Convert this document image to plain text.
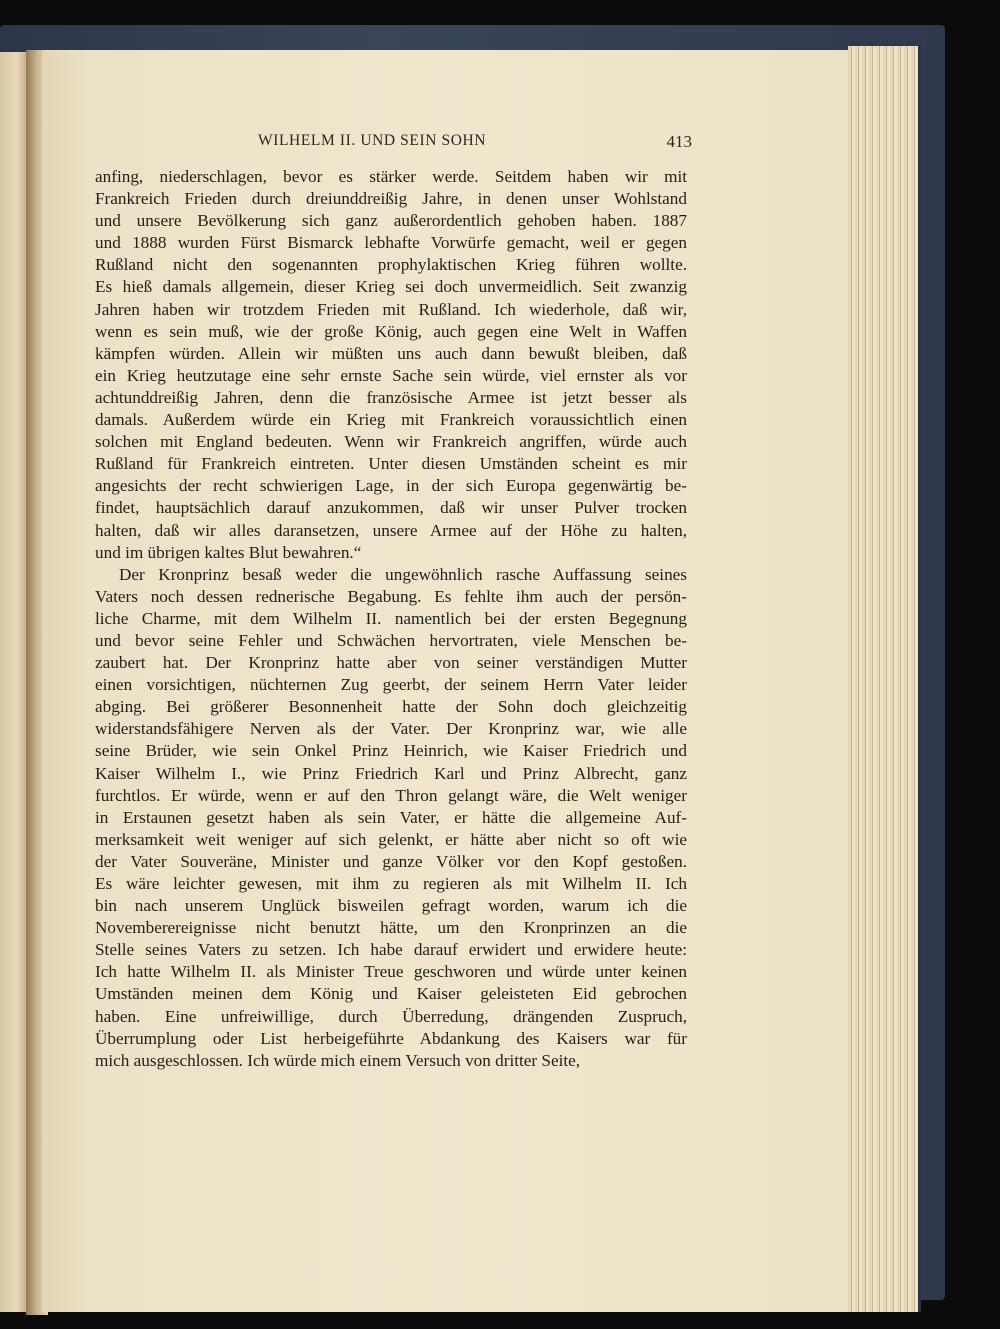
WILHELM II. UND SEIN SOHN	413
anfing, niederschlagen, bevor es stärker werde. Seitdem haben wir mit
Frankreich Frieden durch dreiunddreißig Jahre, in denen unser Wohlstand
und unsere Bevölkerung sich ganz außerordentlich gehoben haben. 1887
und 1888 wurden Fürst Bismarck lebhafte Vorwürfe gemacht, weil er gegen
Rußland nicht den sogenannten prophylaktischen Krieg führen wollte.
Es hieß damals allgemein, dieser Krieg sei doch unvermeidlich. Seit zwanzig
Jahren haben wir trotzdem Frieden mit Rußland. Ich wiederhole, daß wir,
wenn es sein muß, wie der große König, auch gegen eine Welt in Waffen
kämpfen würden. Allein wir müßten uns auch dann bewußt bleiben, daß
ein Krieg heutzutage eine sehr ernste Sache sein würde, viel ernster als vor
achtunddreißig Jahren, denn die französische Armee ist jetzt besser als
damals. Außerdem würde ein Krieg mit Frankreich voraussichtlich einen
solchen mit England bedeuten. Wenn wir Frankreich angriffen, würde auch
Rußland für Frankreich eintreten. Unter diesen Umständen scheint es mir
angesichts der recht schwierigen Lage, in der sich Europa gegenwärtig be-
findet, hauptsächlich darauf anzukommen, daß wir unser Pulver trocken
halten, daß wir alles daransetzen, unsere Armee auf der Höhe zu halten,
und im übrigen kaltes Blut bewahren.“
Der Kronprinz besaß weder die ungewöhnlich rasche Auffassung seines
Vaters noch dessen rednerische Begabung. Es fehlte ihm auch der persön-
liche Charme, mit dem Wilhelm II. namentlich bei der ersten Begegnung
und bevor seine Fehler und Schwächen hervortraten, viele Menschen be-
zaubert hat. Der Kronprinz hatte aber von seiner verständigen Mutter
einen vorsichtigen, nüchternen Zug geerbt, der seinem Herrn Vater leider
abging. Bei größerer Besonnenheit hatte der Sohn doch gleichzeitig
widerstandsfähigere Nerven als der Vater. Der Kronprinz war, wie alle
seine Brüder, wie sein Onkel Prinz Heinrich, wie Kaiser Friedrich und
Kaiser Wilhelm I., wie Prinz Friedrich Karl und Prinz Albrecht, ganz
furchtlos. Er würde, wenn er auf den Thron gelangt wäre, die Welt weniger
in Erstaunen gesetzt haben als sein Vater, er hätte die allgemeine Auf-
merksamkeit weit weniger auf sich gelenkt, er hätte aber nicht so oft wie
der Vater Souveräne, Minister und ganze Völker vor den Kopf gestoßen.
Es wäre leichter gewesen, mit ihm zu regieren als mit Wilhelm II. Ich
bin nach unserem Unglück bisweilen gefragt worden, warum ich die
Novemberereignisse nicht benutzt hätte, um den Kronprinzen an die
Stelle seines Vaters zu setzen. Ich habe darauf erwidert und erwidere heute:
Ich hatte Wilhelm II. als Minister Treue geschworen und würde unter keinen
Umständen meinen dem König und Kaiser geleisteten Eid gebrochen
haben. Eine unfreiwillige, durch Überredung, drängenden Zuspruch,
Überrumplung oder List herbeigeführte Abdankung des Kaisers war für
mich ausgeschlossen. Ich würde mich einem Versuch von dritter Seite,
